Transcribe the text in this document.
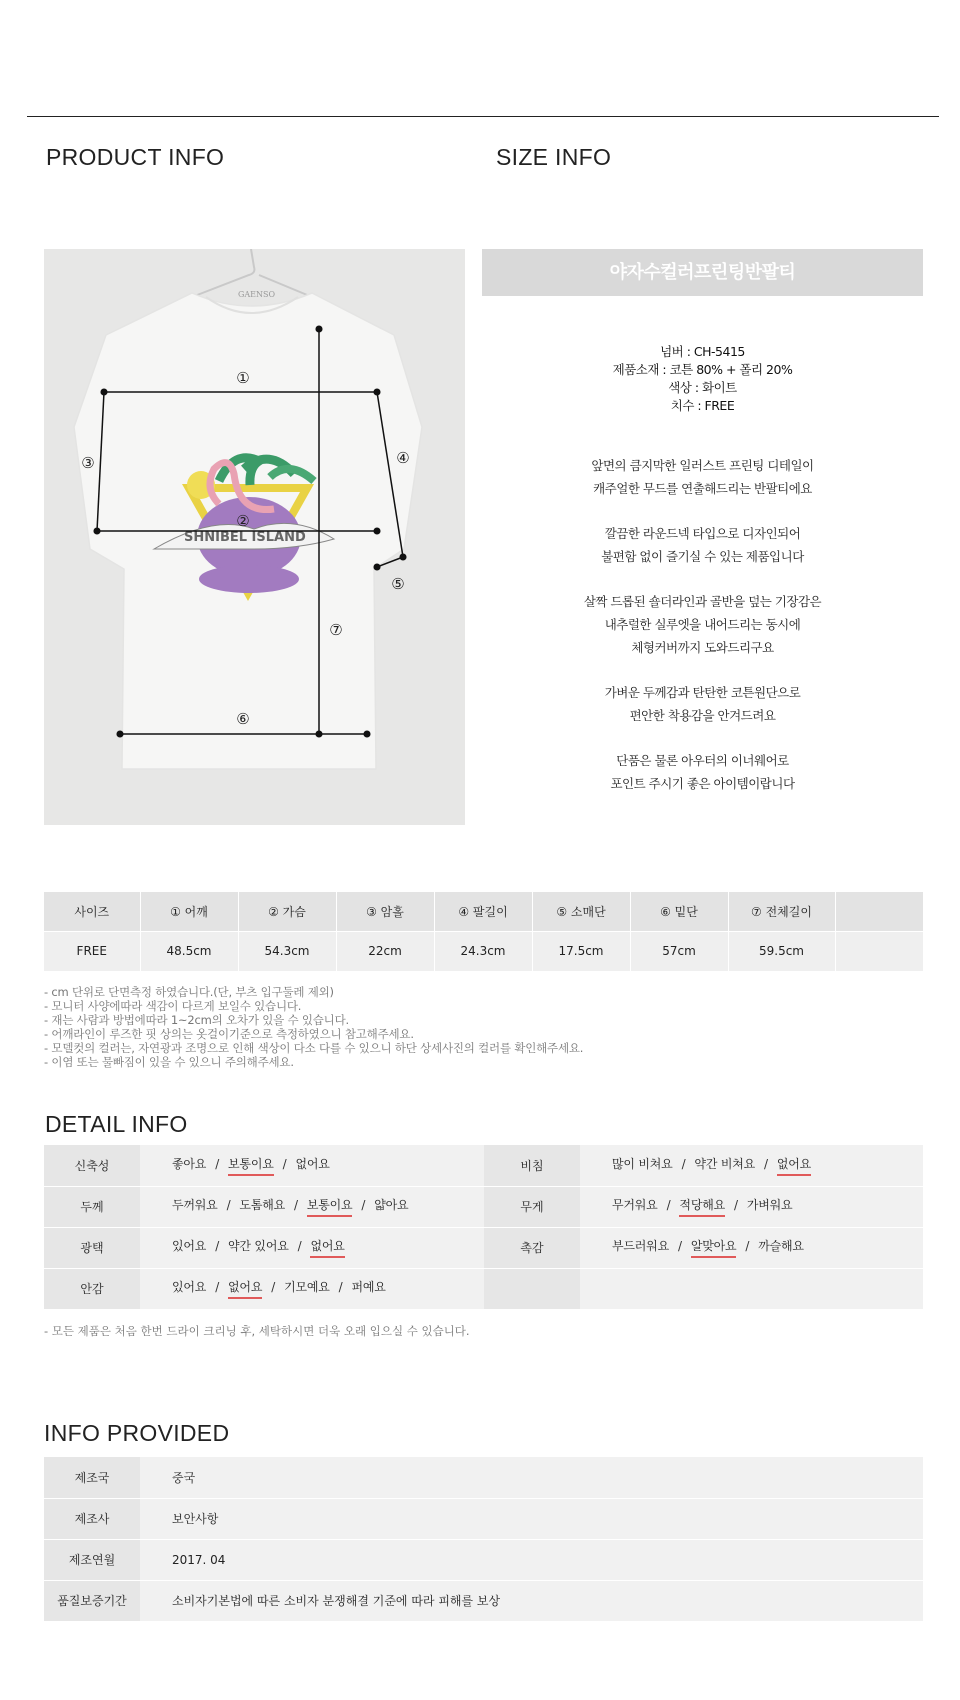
PRODUCT INFO	SIZE INFO
GAENSO
SHNIBEL ISLAND
①
②
③	④
⑤
⑥
⑦
야자수컬러프린팅반팔티
넘버 : CH-5415
제품소재 : 코튼 80% + 폴리 20%
색상 : 화이트
치수 : FREE
앞면의 큼지막한 일러스트 프린팅 디테일이
캐주얼한 무드를 연출해드리는 반팔티에요
깔끔한 라운드넥 타입으로 디자인되어
불편함 없이 즐기실 수 있는 제품입니다
살짝 드롭된 숄더라인과 골반을 덮는 기장감은
내추럴한 실루엣을 내어드리는 동시에
체형커버까지 도와드리구요
가벼운 두께감과 탄탄한 코튼원단으로
편안한 착용감을 안겨드려요
단품은 물론 아우터의 이너웨어로
포인트 주시기 좋은 아이템이랍니다
사이즈	① 어깨	② 가슴	③ 암홀	④ 팔길이	⑤ 소매단	⑥ 밑단	⑦ 전체길이	
FREE	48.5cm	54.3cm	22cm	24.3cm	17.5cm	57cm	59.5cm	
- cm 단위로 단면측정 하였습니다.(단, 부츠 입구둘레 제외)
- 모니터 사양에따라 색감이 다르게 보일수 있습니다.
- 재는 사람과 방법에따라 1~2cm의 오차가 있을 수 있습니다.
- 어깨라인이 루즈한 핏 상의는 옷걸이기준으로 측정하였으니 참고해주세요.
- 모델컷의 컬러는, 자연광과 조명으로 인해 색상이 다소 다를 수 있으니 하단 상세사진의 컬러를 확인해주세요.
- 이염 또는 물빠짐이 있을 수 있으니 주의해주세요.
DETAIL INFO
신축성	좋아요 / 보통이요 / 없어요	비침	많이 비쳐요 / 약간 비쳐요 / 없어요
두께	두꺼워요 / 도톰해요 / 보통이요 / 얇아요	무게	무거워요 / 적당해요 / 가벼워요
광택	있어요 / 약간 있어요 / 없어요	촉감	부드러워요 / 알맞아요 / 까슬해요
안감	있어요 / 없어요 / 기모예요 / 퍼예요		
- 모든 제품은 처음 한번 드라이 크리닝 후, 세탁하시면 더욱 오래 입으실 수 있습니다.
INFO PROVIDED
제조국	중국
제조사	보안사항
제조연월	2017. 04
품질보증기간	소비자기본법에 따른 소비자 분쟁해결 기준에 따라 피해를 보상
